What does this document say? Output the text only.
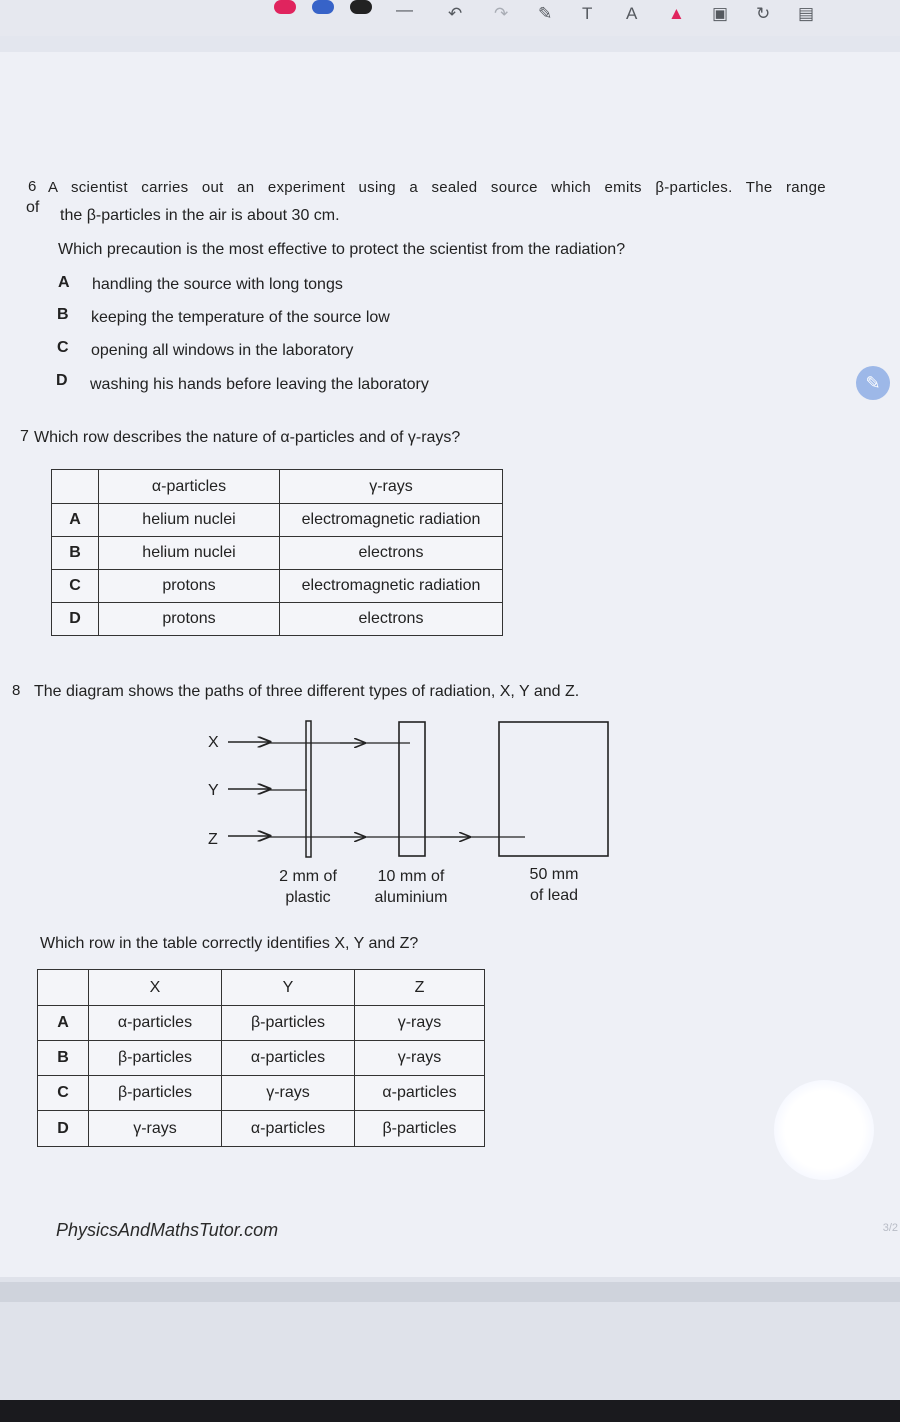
— ↶ ↷ ✎ T A ▲ ▣ ↻ ▤
6 A scientist carries out an experiment using a sealed source which emits β-particles. The range
of the β-particles in the air is about 30 cm.
Which precaution is the most effective to protect the scientist from the radiation?
A handling the source with long tongs
B keeping the temperature of the source low
C opening all windows in the laboratory
D washing his hands before leaving the laboratory	✎
7 Which row describes the nature of α-particles and of γ-rays?
	α-particles	γ-rays
A	helium nuclei	electromagnetic radiation
B	helium nuclei	electrons
C	protons	electromagnetic radiation
D	protons	electrons
8 The diagram shows the paths of three different types of radiation, X, Y and Z.
X
Y
Z
2 mm of
plastic
10 mm of
aluminium
50 mm
of lead
Which row in the table correctly identifies X, Y and Z?
	X	Y	Z
A	α-particles	β-particles	γ-rays
B	β-particles	α-particles	γ-rays
C	β-particles	γ-rays	α-particles
D	γ-rays	α-particles	β-particles
PhysicsAndMathsTutor.com	3/2
